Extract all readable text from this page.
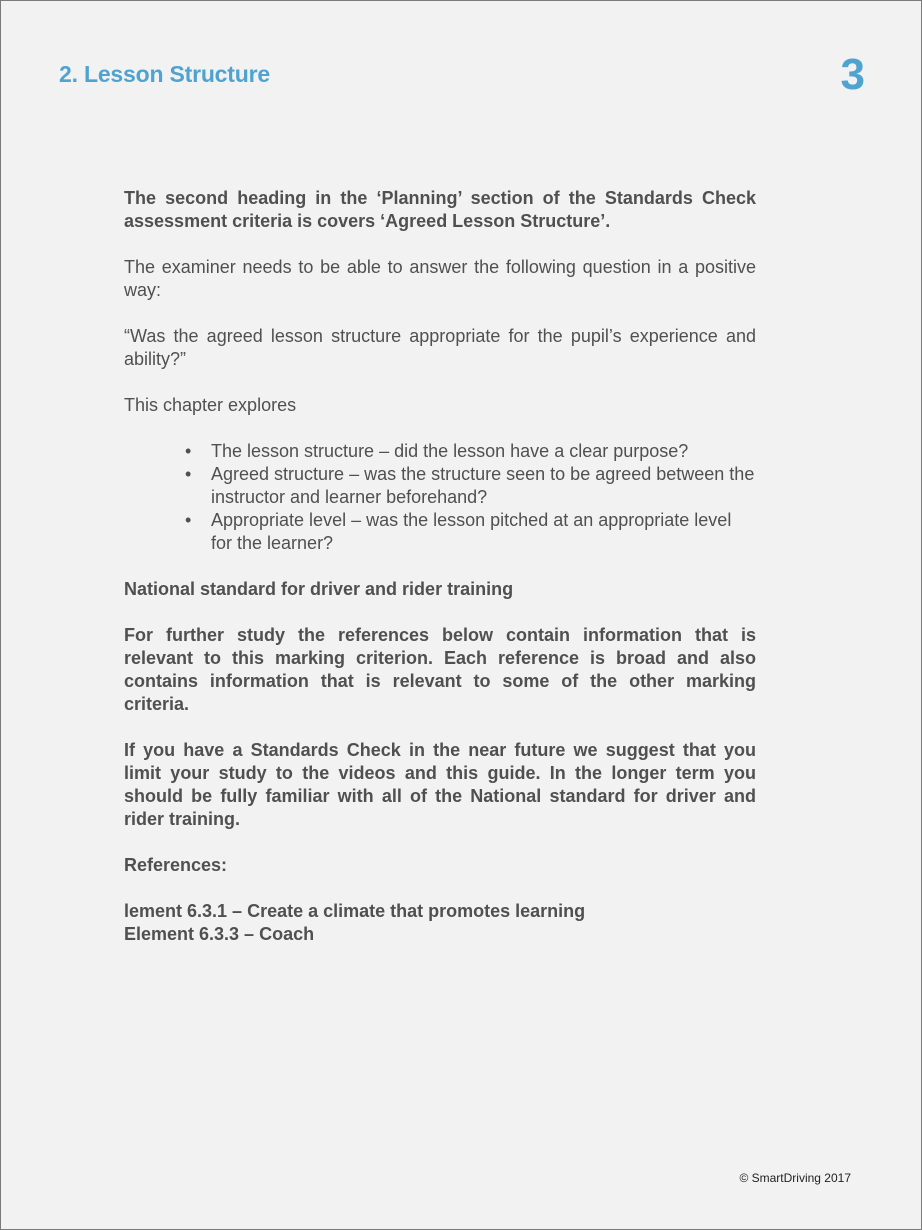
2. Lesson Structure	3

The second heading in the ‘Planning’ section of the Standards Check assessment criteria is covers ‘Agreed Lesson Structure’.

The examiner needs to be able to answer the following question in a positive way:

“Was the agreed lesson structure appropriate for the pupil’s experience and ability?”

This chapter explores

• The lesson structure – did the lesson have a clear purpose?
• Agreed structure – was the structure seen to be agreed between the instructor and learner beforehand?
• Appropriate level – was the lesson pitched at an appropriate level for the learner?

National standard for driver and rider training

For further study the references below contain information that is relevant to this marking criterion. Each reference is broad and also contains information that is relevant to some of the other marking criteria.

If you have a Standards Check in the near future we suggest that you limit your study to the videos and this guide. In the longer term you should be fully familiar with all of the National standard for driver and rider training.

References:

lement 6.3.1 – Create a climate that promotes learning
Element 6.3.3 – Coach
© SmartDriving 2017
